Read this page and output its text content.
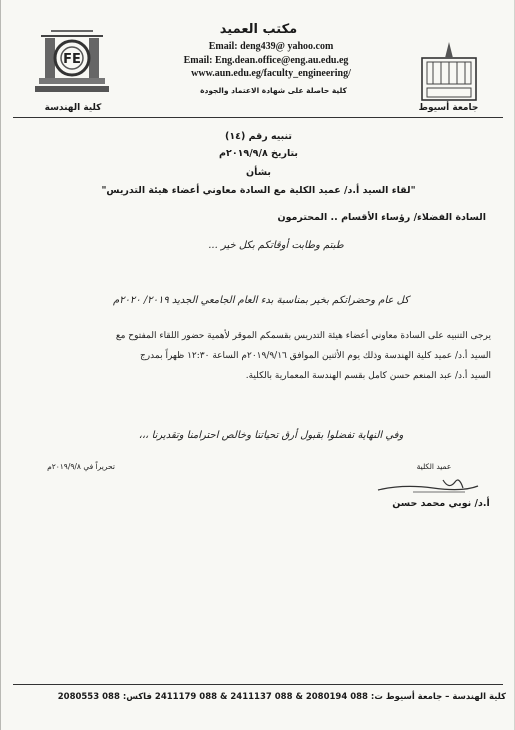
FE
مكتب العميد
Email: deng439@ yahoo.com
Email: Eng.dean.office@eng.au.edu.eg
www.aun.edu.eg/faculty_engineering/
كلية حاصلة على شهادة الاعتماد والجودة
جامعة أسيوط
كلية الهندسة
تنبيه رقم (١٤)
بتاريخ ٢٠١٩/٩/٨م
بشأن
"لقاء السيد أ.د/ عميد الكلية مع السادة معاوني أعضاء هيئة التدريس"
السادة الفضلاء/ رؤساء الأقسام .. المحترمون
طبتم وطابت أوقاتكم بكل خير ...
كل عام وحضراتكم بخير بمناسبة بدء العام الجامعي الجديد ٢٠١٩/ ٢٠٢٠م
يرجى التنبيه على السادة معاوني أعضاء هيئة التدريس بقسمكم الموقر لأهمية حضور اللقاء المفتوح مع
السيد أ.د/ عميد كلية الهندسة وذلك يوم الأثنين الموافق ٢٠١٩/٩/١٦م الساعة ١٢:٣٠ ظهراً بمدرج
السيد أ.د/ عبد المنعم حسن كامل بقسم الهندسة المعمارية بالكلية.
وفي النهاية تفضلوا بقبول أرق تحياتنا وخالص احترامنا وتقديرنا ،،،
تحريراً في ٢٠١٩/٩/٨م	عميد الكلية
أ.د/ نوبي محمد حسن
كلية الهندسة – جامعة أسيوط ت: 088 2080194 & 088 2411137 & 088 2411179 فاكس: 088 2080553
